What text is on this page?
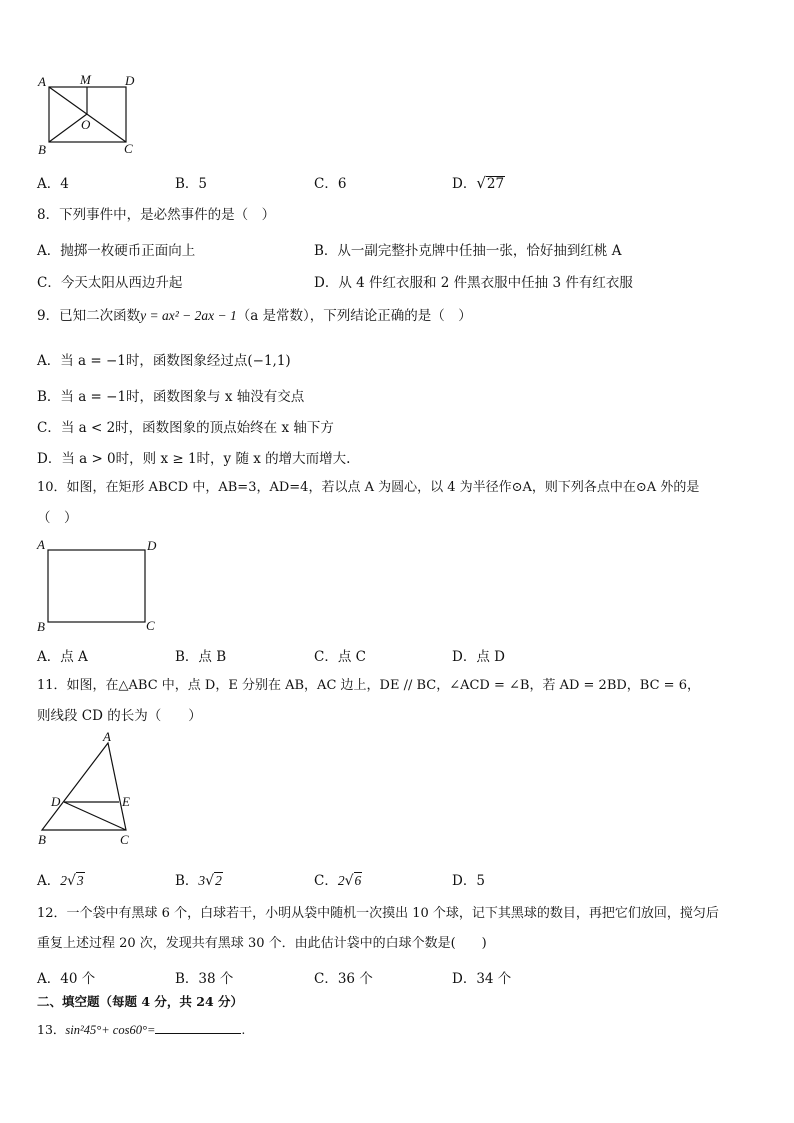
A	M	D
O
B	C
A．4	B．5	C．6	D．√27
8．下列事件中，是必然事件的是（　）
A．抛掷一枚硬币正面向上	B．从一副完整扑克牌中任抽一张，恰好抽到红桃 A
C．今天太阳从西边升起	D．从 4 件红衣服和 2 件黑衣服中任抽 3 件有红衣服
9．已知二次函数y = ax² − 2ax − 1（a 是常数），下列结论正确的是（　）
A．当 a = −1时，函数图象经过点(−1,1)
B．当 a = −1时，函数图象与 x 轴没有交点
C．当 a < 2时，函数图象的顶点始终在 x 轴下方
D．当 a > 0时，则 x ≥ 1时，y 随 x 的增大而增大.
10．如图，在矩形 ABCD 中，AB=3，AD=4，若以点 A 为圆心，以 4 为半径作⊙A，则下列各点中在⊙A 外的是
（　）
A	D
B	C
A．点 A	B．点 B	C．点 C	D．点 D
11．如图，在△ABC 中，点 D，E 分别在 AB，AC 边上，DE // BC，∠ACD = ∠B，若 AD = 2BD，BC = 6，
则线段 CD 的长为（　　）
A
D	E
B	C
A．2√3	B．3√2	C．2√6	D．5
12．一个袋中有黑球 6 个，白球若干，小明从袋中随机一次摸出 10 个球，记下其黑球的数目，再把它们放回，搅匀后
重复上述过程 20 次，发现共有黑球 30 个．由此估计袋中的白球个数是(　　)
A．40 个	B．38 个	C．36 个	D．34 个
二、填空题（每题 4 分，共 24 分）
13．sin²45°+ cos60°=	.
